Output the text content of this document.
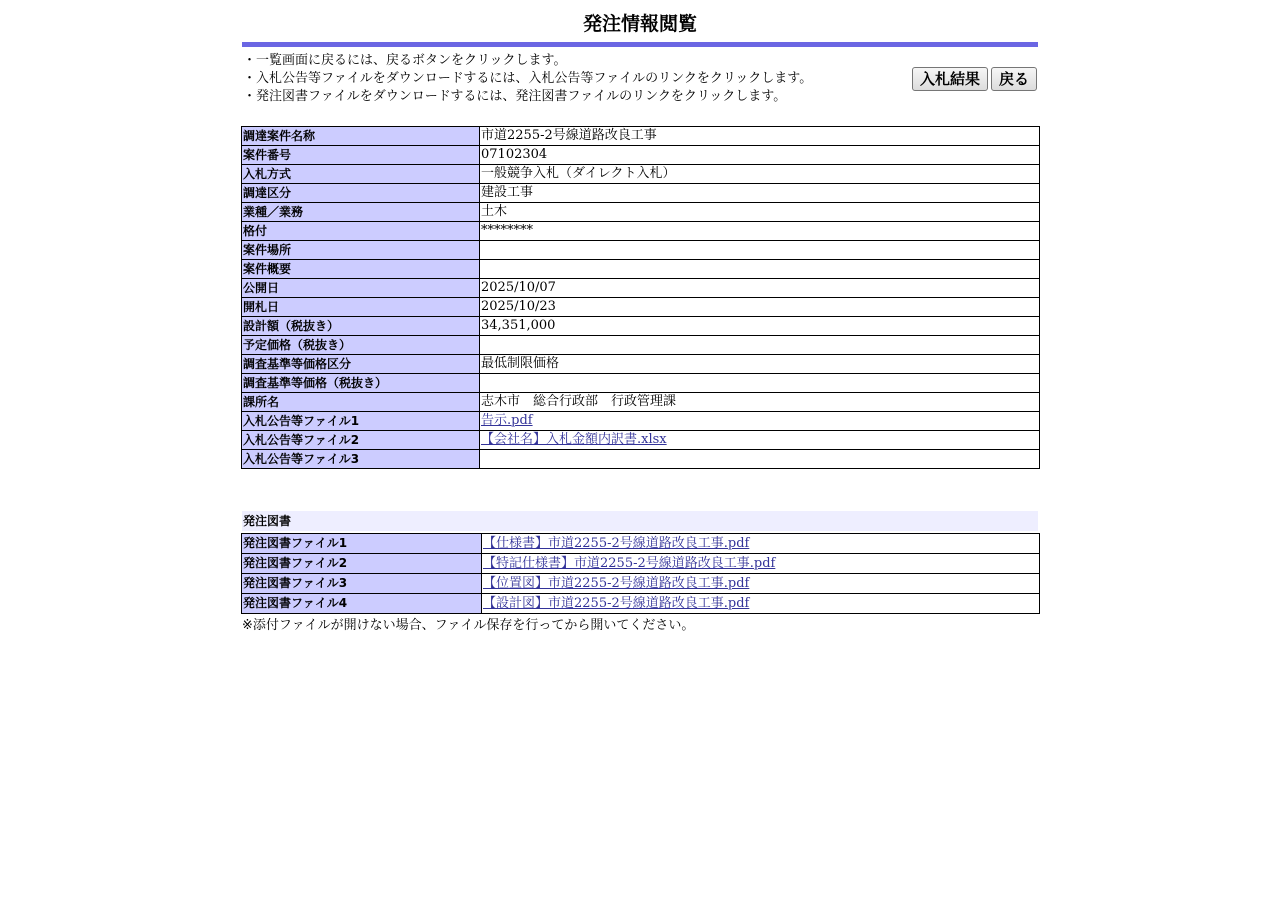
発注情報閲覧
・一覧画面に戻るには、戻るボタンをクリックします。
・入札公告等ファイルをダウンロードするには、入札公告等ファイルのリンクをクリックします。
・発注図書ファイルをダウンロードするには、発注図書ファイルのリンクをクリックします。
入札結果	戻る
調達案件名称	市道2255-2号線道路改良工事
案件番号	07102304
入札方式	一般競争入札（ダイレクト入札）
調達区分	建設工事
業種／業務	土木
格付	********
案件場所	
案件概要	
公開日	2025/10/07
開札日	2025/10/23
設計額（税抜き）	34,351,000
予定価格（税抜き）	
調査基準等価格区分	最低制限価格
調査基準等価格（税抜き）	
課所名	志木市　総合行政部　行政管理課
入札公告等ファイル1	告示.pdf
入札公告等ファイル2	【会社名】入札金額内訳書.xlsx
入札公告等ファイル3	
発注図書
発注図書ファイル1	【仕様書】市道2255-2号線道路改良工事.pdf
発注図書ファイル2	【特記仕様書】市道2255-2号線道路改良工事.pdf
発注図書ファイル3	【位置図】市道2255-2号線道路改良工事.pdf
発注図書ファイル4	【設計図】市道2255-2号線道路改良工事.pdf
※添付ファイルが開けない場合、ファイル保存を行ってから開いてください。
